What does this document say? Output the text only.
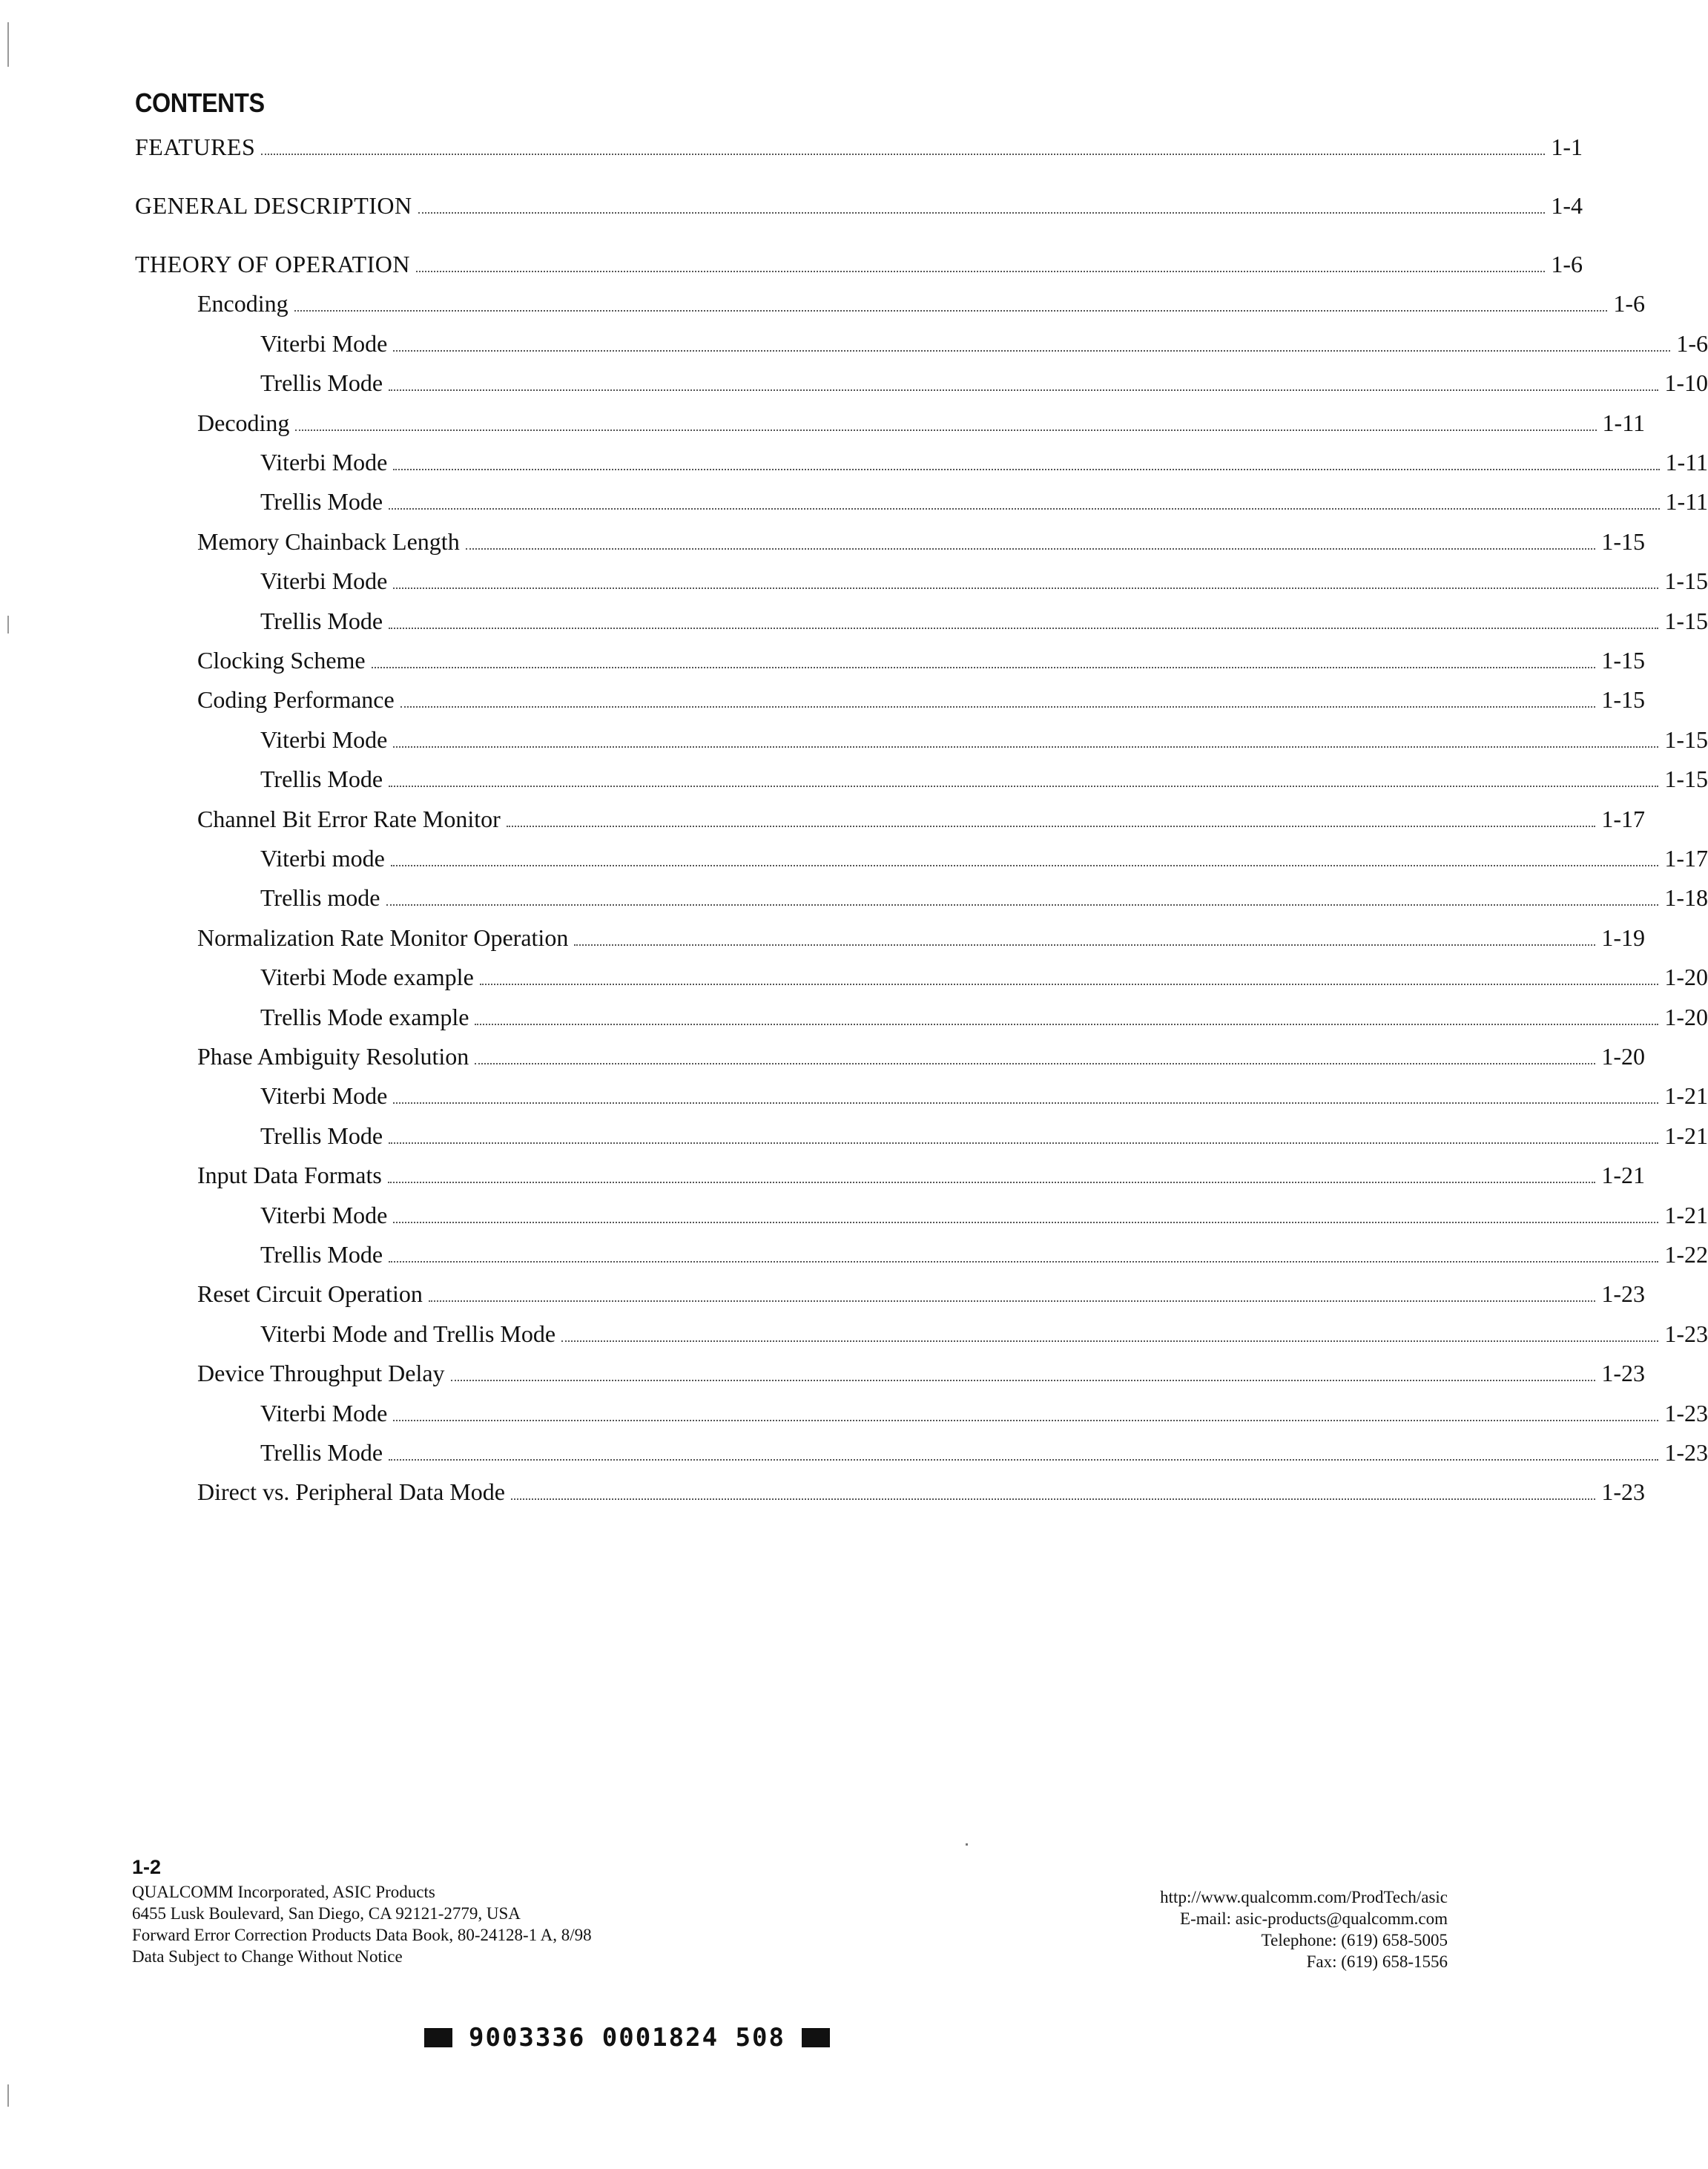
CONTENTS
FEATURES	1-1
GENERAL DESCRIPTION	1-4
THEORY OF OPERATION	1-6
Encoding	1-6
Viterbi Mode	1-6
Trellis Mode	1-10
Decoding	1-11
Viterbi Mode	1-11
Trellis Mode	1-11
Memory Chainback Length	1-15
Viterbi Mode	1-15
Trellis Mode	1-15
Clocking Scheme	1-15
Coding Performance	1-15
Viterbi Mode	1-15
Trellis Mode	1-15
Channel Bit Error Rate Monitor	1-17
Viterbi mode	1-17
Trellis mode	1-18
Normalization Rate Monitor Operation	1-19
Viterbi Mode example	1-20
Trellis Mode example	1-20
Phase Ambiguity Resolution	1-20
Viterbi Mode	1-21
Trellis Mode	1-21
Input Data Formats	1-21
Viterbi Mode	1-21
Trellis Mode	1-22
Reset Circuit Operation	1-23
Viterbi Mode and Trellis Mode	1-23
Device Throughput Delay	1-23
Viterbi Mode	1-23
Trellis Mode	1-23
Direct vs. Peripheral Data Mode	1-23
1-2
QUALCOMM Incorporated, ASIC Products
6455 Lusk Boulevard, San Diego, CA 92121-2779, USA
Forward Error Correction Products Data Book, 80-24128-1 A, 8/98
Data Subject to Change Without Notice
http://www.qualcomm.com/ProdTech/asic
E-mail: asic-products@qualcomm.com
Telephone: (619) 658-5005
Fax: (619) 658-1556
9003336 0001824 508
